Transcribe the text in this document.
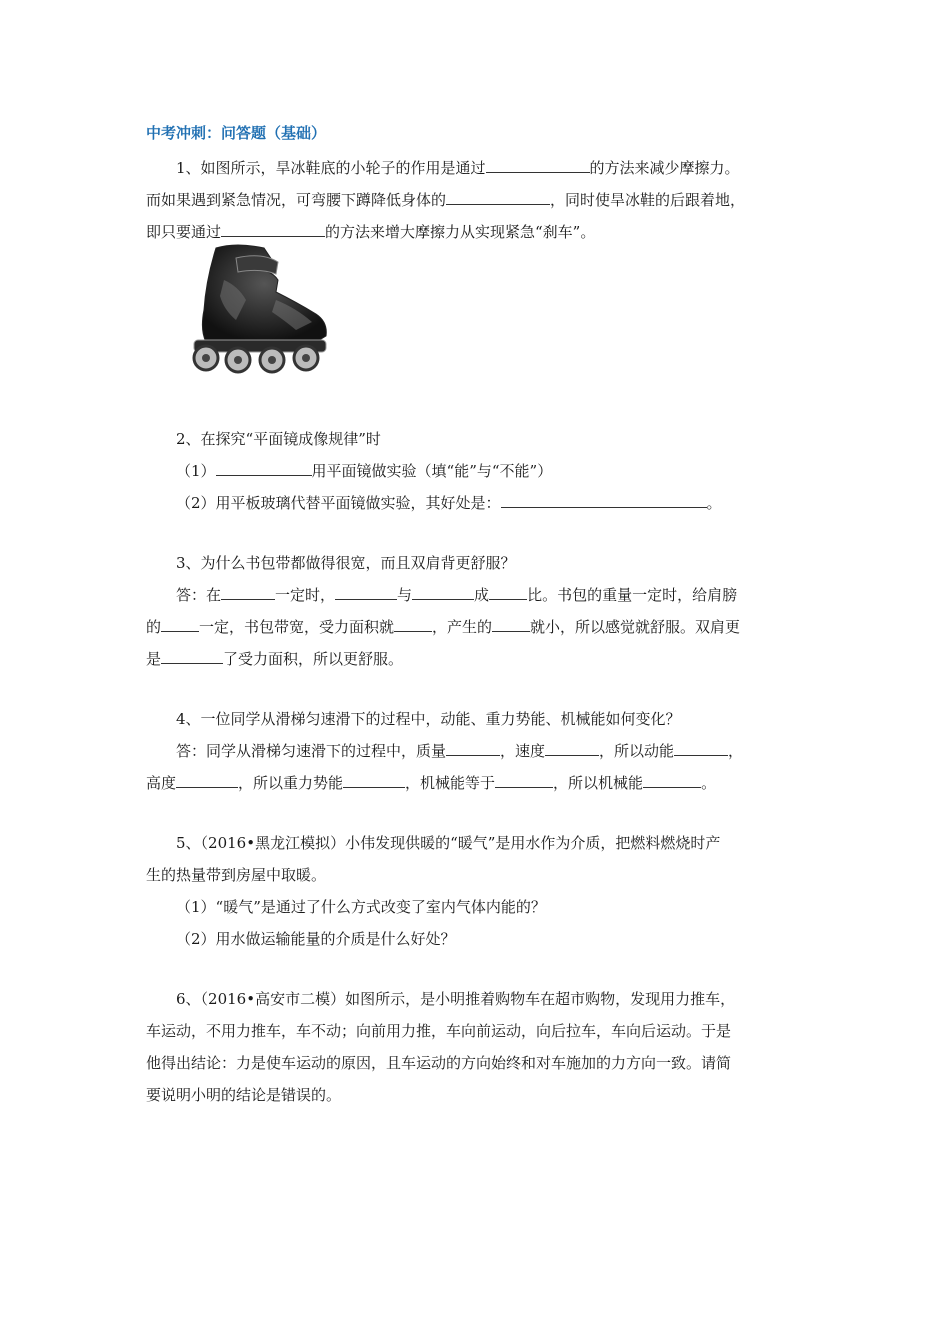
中考冲刺：问答题（基础）
1、如图所示，旱冰鞋底的小轮子的作用是通过	的方法来减少摩擦力。
而如果遇到紧急情况，可弯腰下蹲降低身体的	，同时使旱冰鞋的后跟着地，
即只要通过	的方法来增大摩擦力从实现紧急“刹车”。
2、在探究“平面镜成像规律”时
（1）	用平面镜做实验（填“能”与“不能”）
（2）用平板玻璃代替平面镜做实验，其好处是：	。
3、为什么书包带都做得很宽，而且双肩背更舒服？
答：在	一定时，	与	成	比。书包的重量一定时，给肩膀
的	一定，书包带宽，受力面积就	，产生的	就小，所以感觉就舒服。双肩更
是	了受力面积，所以更舒服。
4、一位同学从滑梯匀速滑下的过程中，动能、重力势能、机械能如何变化？
答：同学从滑梯匀速滑下的过程中，质量	，速度	，所以动能	，
高度	，所以重力势能	，机械能等于	，所以机械能	。
5、（2016•黑龙江模拟）小伟发现供暖的“暖气”是用水作为介质，把燃料燃烧时产
生的热量带到房屋中取暖。
（1）“暖气”是通过了什么方式改变了室内气体内能的？
（2）用水做运输能量的介质是什么好处？
6、（2016•高安市二模）如图所示，是小明推着购物车在超市购物，发现用力推车，
车运动，不用力推车，车不动；向前用力推，车向前运动，向后拉车，车向后运动。于是
他得出结论：力是使车运动的原因，且车运动的方向始终和对车施加的力方向一致。请简
要说明小明的结论是错误的。
